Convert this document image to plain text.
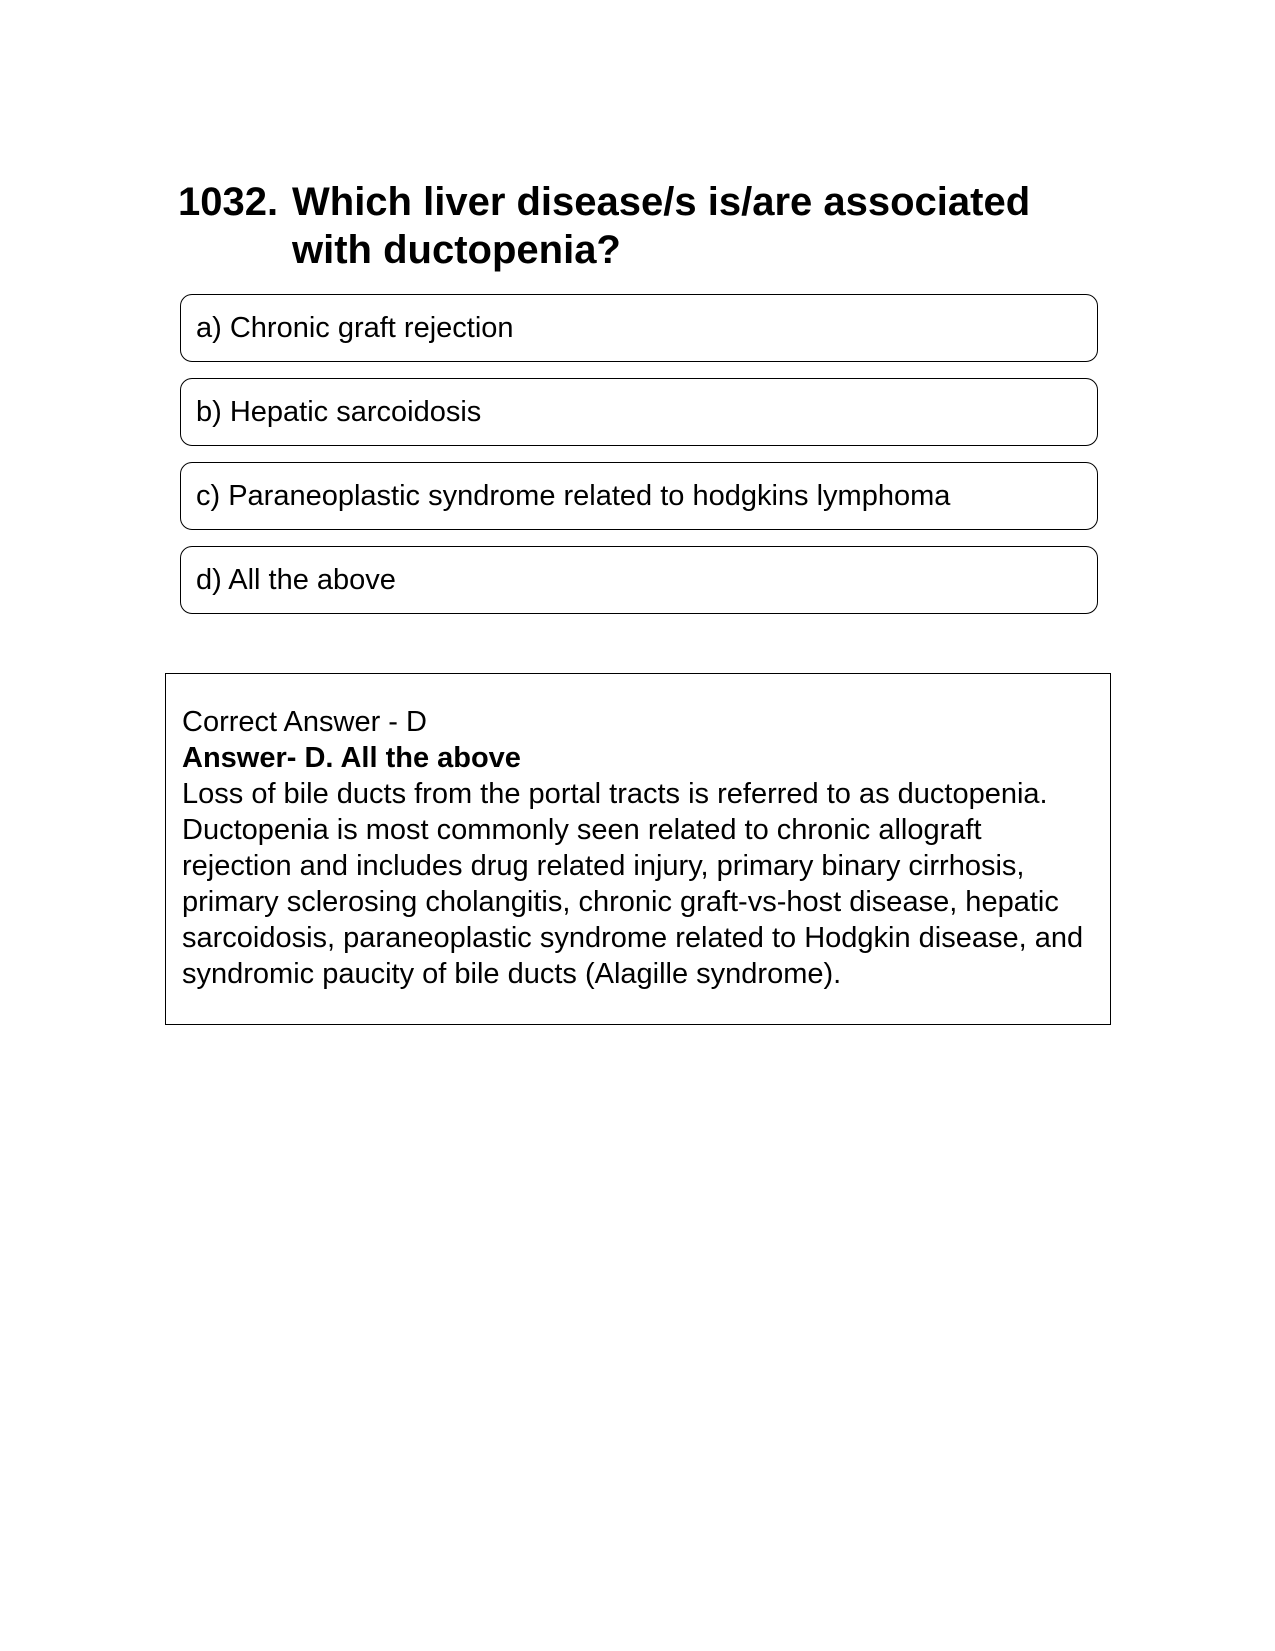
1032. Which liver disease/s is/are associated with ductopenia?
a) Chronic graft rejection
b) Hepatic sarcoidosis
c) Paraneoplastic syndrome related to hodgkins lymphoma
d) All the above

Correct Answer - D

Answer- D. All the above

Loss of bile ducts from the portal tracts is referred to as ductopenia. Ductopenia is most commonly seen related to chronic allograft rejection and includes drug related injury, primary binary cirrhosis, primary sclerosing cholangitis, chronic graft-vs-host disease, hepatic sarcoidosis, paraneoplastic syndrome related to Hodgkin disease, and syndromic paucity of bile ducts (Alagille syndrome).
